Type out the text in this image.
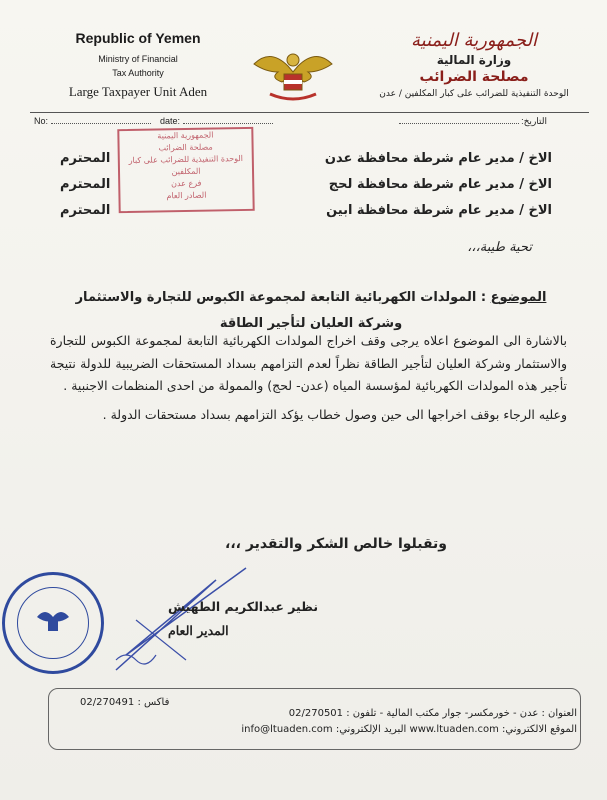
Republic of Yemen
Ministry of Financial
Tax Authority
Large Taxpayer Unit Aden
الجمهورية اليمنية
وزارة المالية
مصلحة الضرائب
الوحدة التنفيذية للضرائب على كبار المكلفين / عدن
No:	date:	التاريخ:
الجمهورية اليمنية
مصلحة الضرائب
الوحدة التنفيذية للضرائب على كبار المكلفين
فرع عدن
الصادر العام
الاخ / مدير عام شرطة محافظة عدن
الاخ / مدير عام شرطة محافظة لحج
الاخ / مدير عام شرطة محافظة ابين
المحترم
المحترم
المحترم
تحية طيبة،،،
الموضوع : المولدات الكهربائية التابعة لمجموعة الكبوس للتجارة والاستثمار وشركة العليان لتأجير الطاقة
بالاشارة الى الموضوع اعلاه يرجى وقف اخراج المولدات الكهربائية التابعة لمجموعة الكبوس للتجارة والاستثمار وشركة العليان لتأجير الطاقة نظراً لعدم التزامهم بسداد المستحقات الضريبية للدولة نتيجة تأجير هذه المولدات الكهربائية لمؤسسة المياه (عدن- لحج) والممولة من احدى المنظمات الاجنبية .
وعليه الرجاء بوقف اخراجها الى حين وصول خطاب يؤكد التزامهم بسداد مستحقات الدولة .
وتقبلوا خالص الشكر والتقدير ،،،
نظير عبدالكريم الطهيش
المدير العام
فاكس : 02/270491
العنوان : عدن - خورمكسر- جوار مكتب المالية - تلفون : 02/270501
الموقع الالكتروني: www.ltuaden.com البريد الإلكتروني: info@ltuaden.com
